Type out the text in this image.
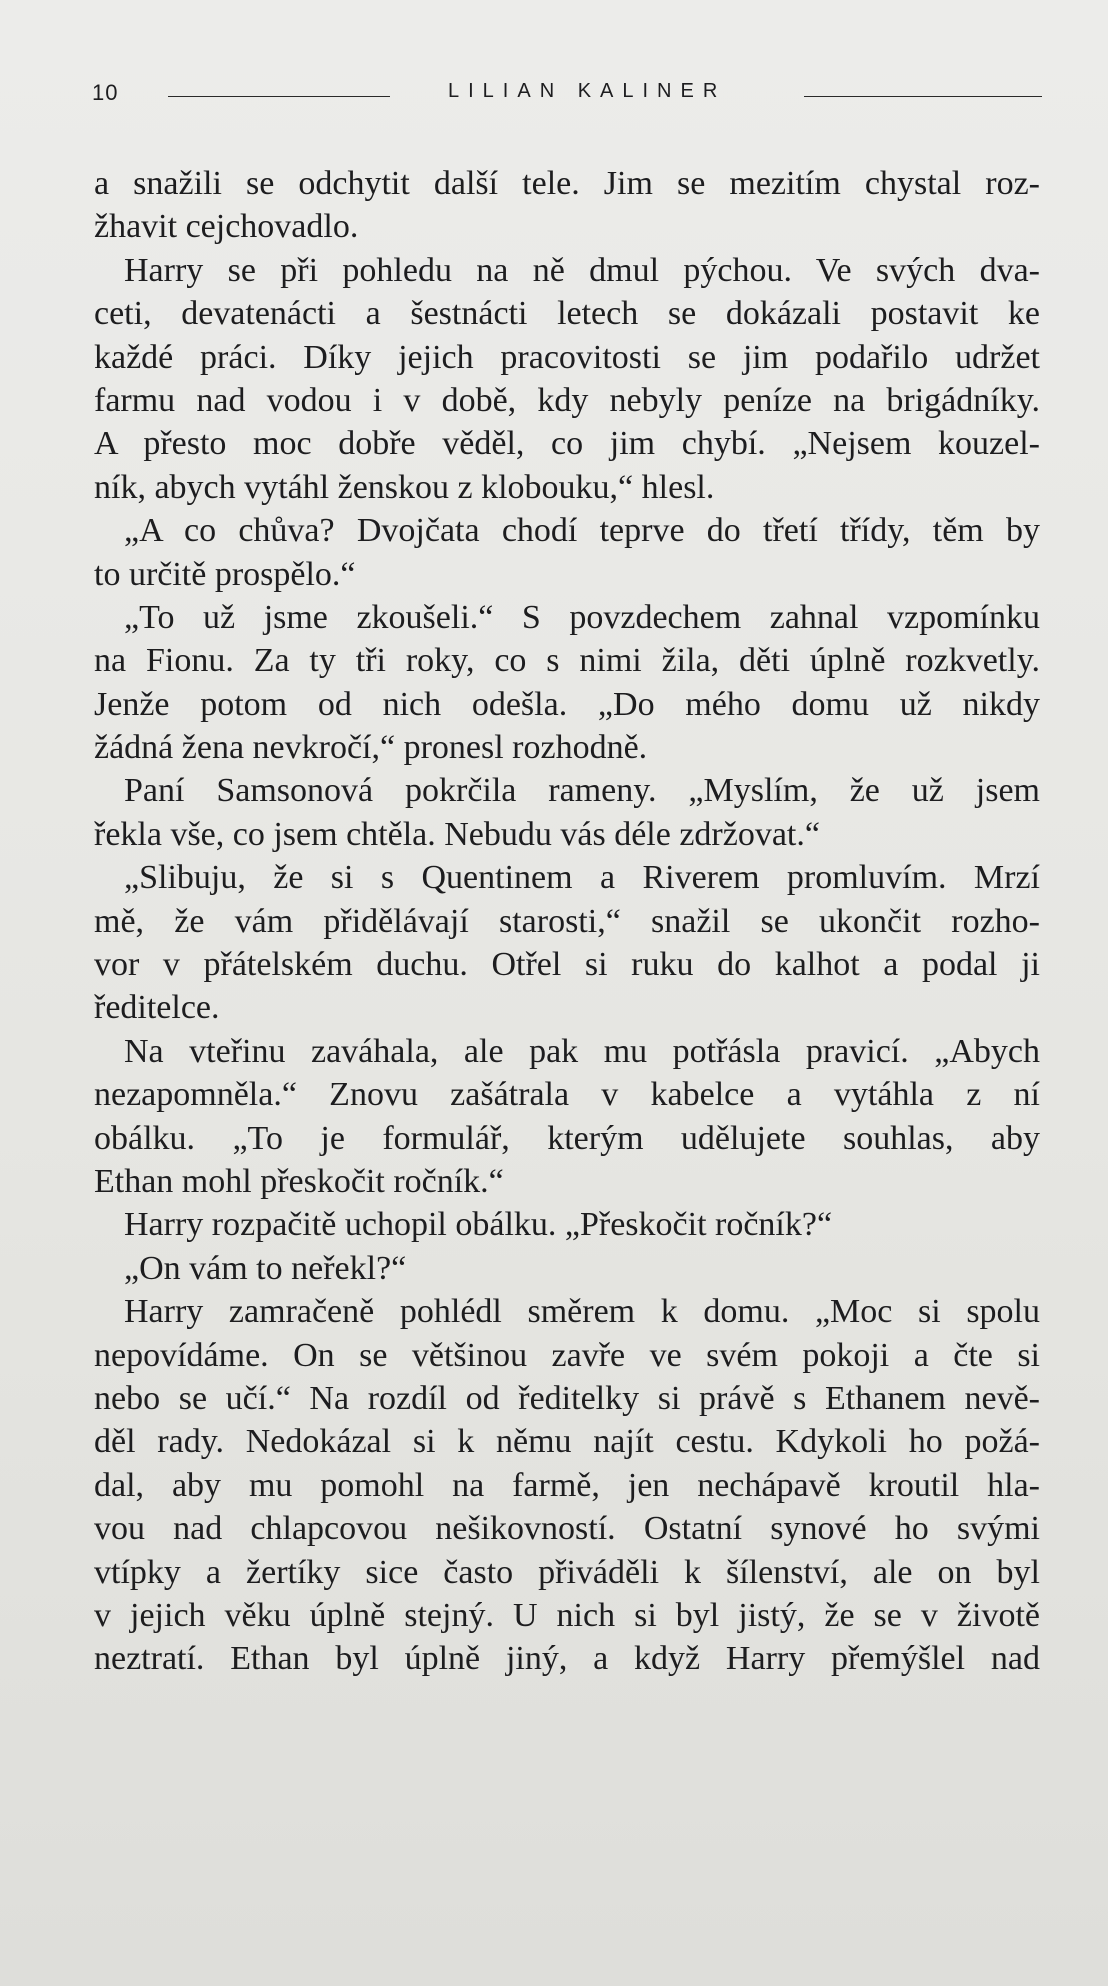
10	LILIAN KALINER
a snažili se odchytit další tele. Jim se mezitím chystal roz-
žhavit cejchovadlo.
Harry se při pohledu na ně dmul pýchou. Ve svých dva-
ceti, devatenácti a šestnácti letech se dokázali postavit ke
každé práci. Díky jejich pracovitosti se jim podařilo udržet
farmu nad vodou i v době, kdy nebyly peníze na brigádníky.
A přesto moc dobře věděl, co jim chybí. „Nejsem kouzel-
ník, abych vytáhl ženskou z klobouku,“ hlesl.
„A co chůva? Dvojčata chodí teprve do třetí třídy, těm by
to určitě prospělo.“
„To už jsme zkoušeli.“ S povzdechem zahnal vzpomínku
na Fionu. Za ty tři roky, co s nimi žila, děti úplně rozkvetly.
Jenže potom od nich odešla. „Do mého domu už nikdy
žádná žena nevkročí,“ pronesl rozhodně.
Paní Samsonová pokrčila rameny. „Myslím, že už jsem
řekla vše, co jsem chtěla. Nebudu vás déle zdržovat.“
„Slibuju, že si s Quentinem a Riverem promluvím. Mrzí
mě, že vám přidělávají starosti,“ snažil se ukončit rozho-
vor v přátelském duchu. Otřel si ruku do kalhot a podal ji
ředitelce.
Na vteřinu zaváhala, ale pak mu potřásla pravicí. „Abych
nezapomněla.“ Znovu zašátrala v kabelce a vytáhla z ní
obálku. „To je formulář, kterým udělujete souhlas, aby
Ethan mohl přeskočit ročník.“
Harry rozpačitě uchopil obálku. „Přeskočit ročník?“
„On vám to neřekl?“
Harry zamračeně pohlédl směrem k domu. „Moc si spolu
nepovídáme. On se většinou zavře ve svém pokoji a čte si
nebo se učí.“ Na rozdíl od ředitelky si právě s Ethanem nevě-
děl rady. Nedokázal si k němu najít cestu. Kdykoli ho požá-
dal, aby mu pomohl na farmě, jen nechápavě kroutil hla-
vou nad chlapcovou nešikovností. Ostatní synové ho svými
vtípky a žertíky sice často přiváděli k šílenství, ale on byl
v jejich věku úplně stejný. U nich si byl jistý, že se v životě
neztratí. Ethan byl úplně jiný, a když Harry přemýšlel nad
